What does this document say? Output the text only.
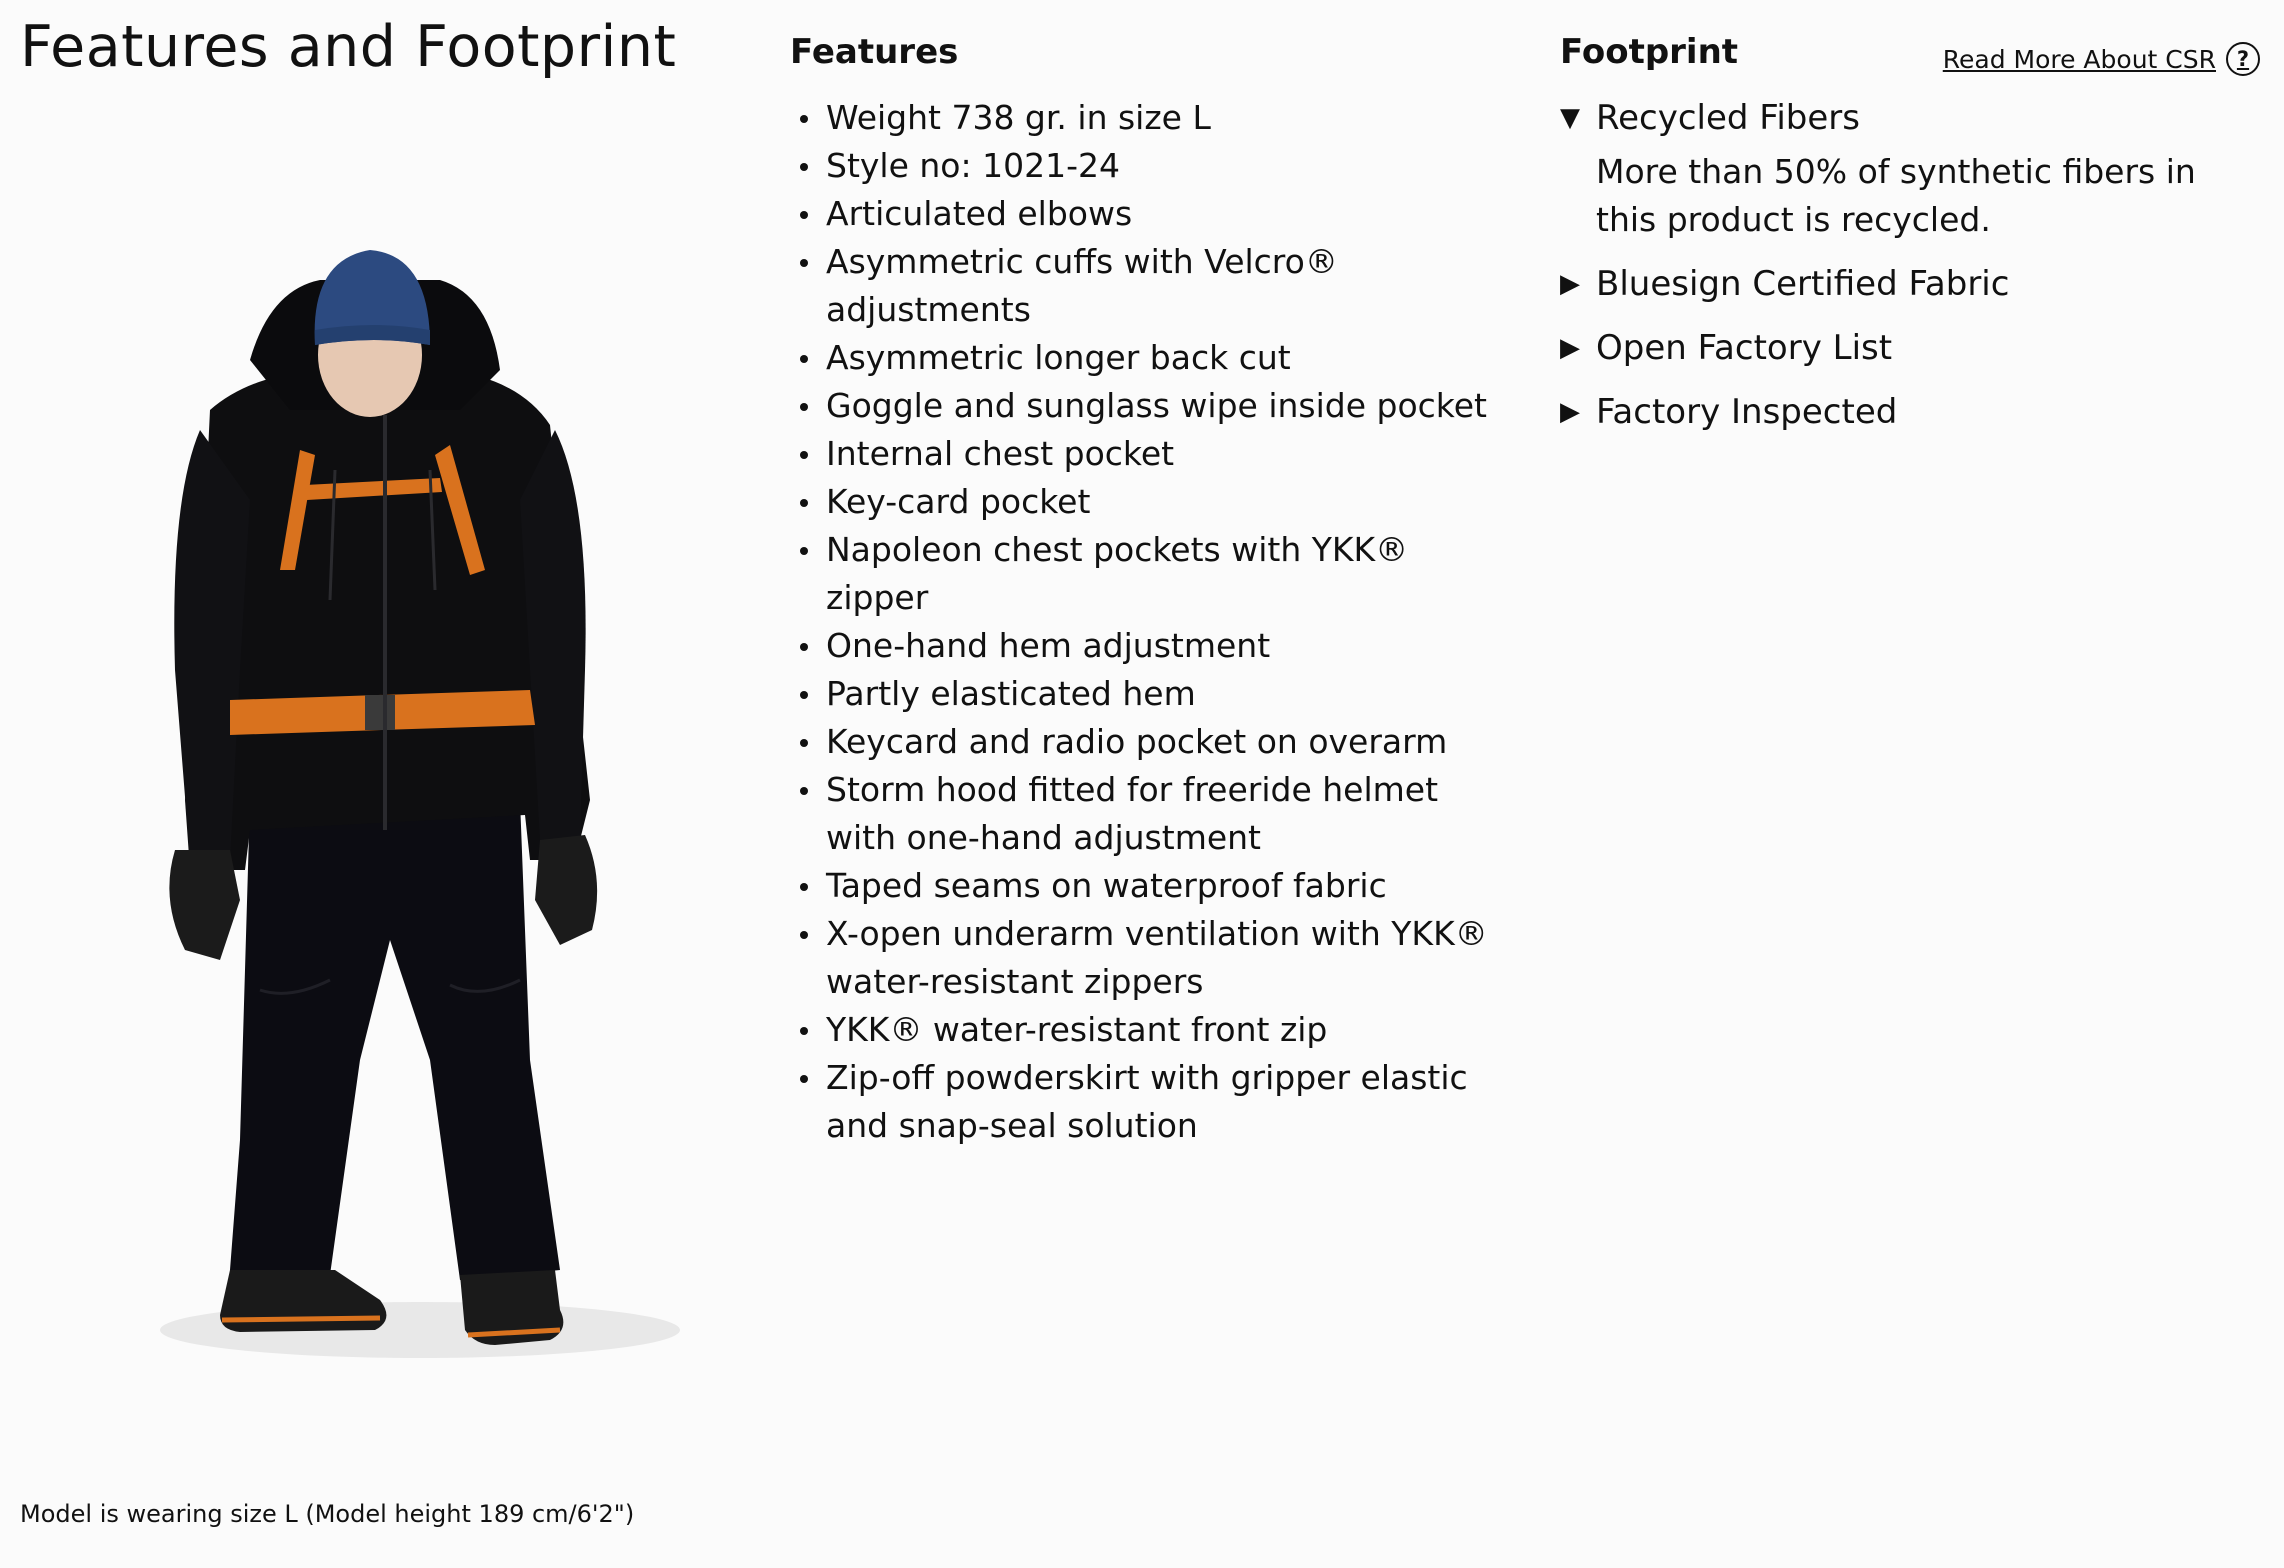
Features and Footprint
Model is wearing size L (Model height 189 cm/6'2")
Features
Weight 738 gr. in size L
Style no: 1021-24
Articulated elbows
Asymmetric cuffs with Velcro® adjustments
Asymmetric longer back cut
Goggle and sunglass wipe inside pocket
Internal chest pocket
Key-card pocket
Napoleon chest pockets with YKK® zipper
One-hand hem adjustment
Partly elasticated hem
Keycard and radio pocket on overarm
Storm hood fitted for freeride helmet with one-hand adjustment
Taped seams on waterproof fabric
X-open underarm ventilation with YKK® water-resistant zippers
YKK® water-resistant front zip
Zip-off powderskirt with gripper elastic and snap-seal solution
Footprint	Read More About CSR ?
▼ Recycled Fibers
More than 50% of synthetic fibers in this product is recycled.
▶ Bluesign Certified Fabric
▶ Open Factory List
▶ Factory Inspected
